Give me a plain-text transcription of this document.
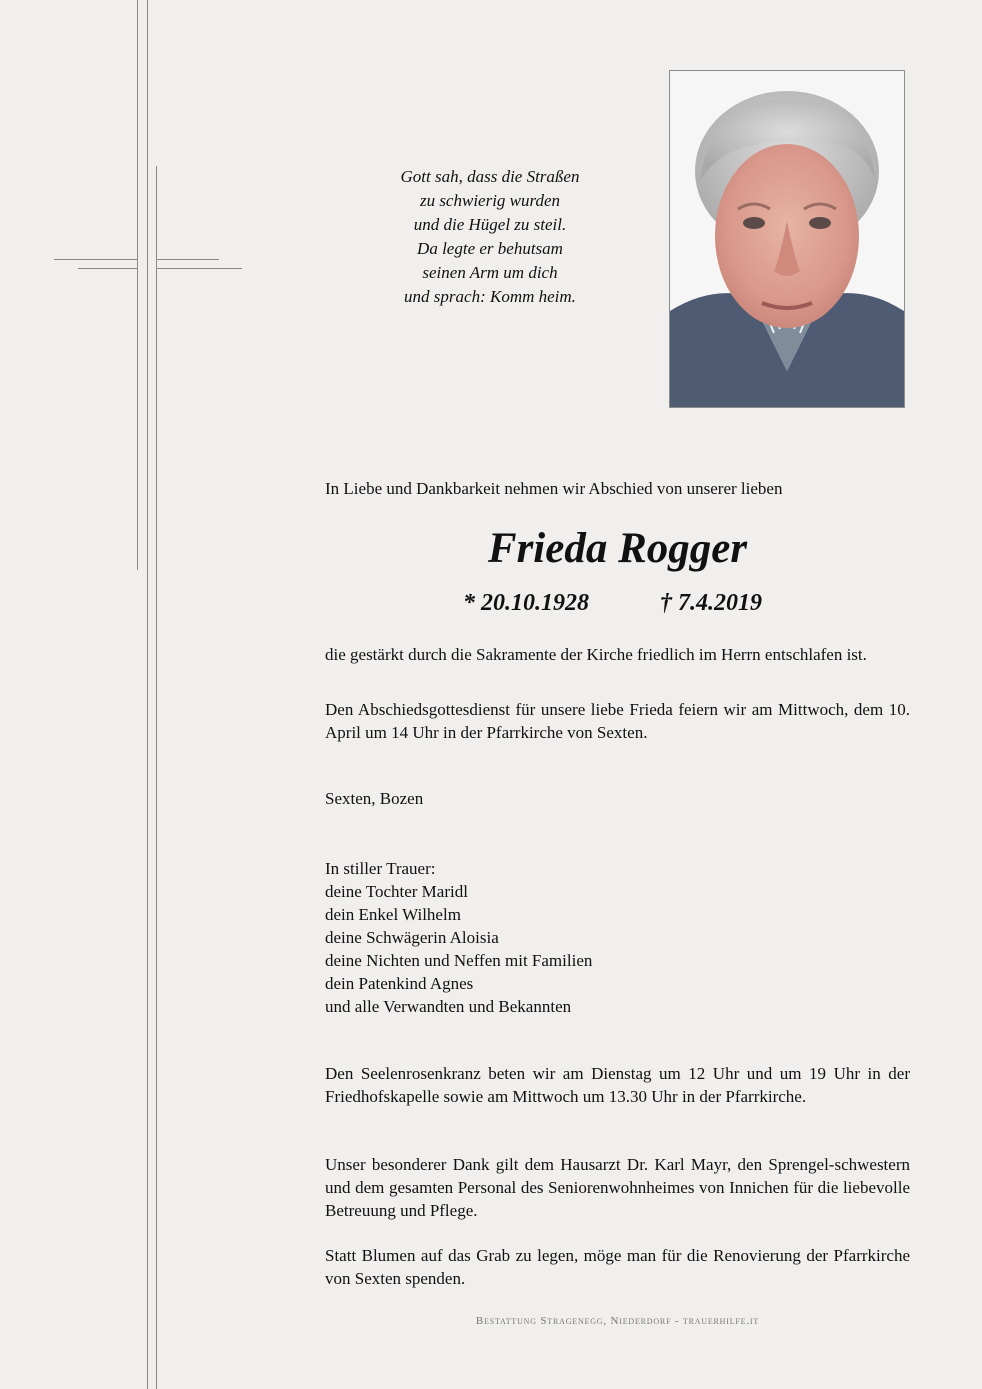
Gott sah, dass die Straßen
zu schwierig wurden
und die Hügel zu steil.
Da legte er behutsam
seinen Arm um dich
und sprach: Komm heim.
In Liebe und Dankbarkeit nehmen wir Abschied von unserer lieben
Frieda Rogger
* 20.10.1928	† 7.4.2019
die gestärkt durch die Sakramente der Kirche friedlich im Herrn entschlafen ist.
Den Abschiedsgottesdienst für unsere liebe Frieda feiern wir am Mittwoch, dem 10. April um 14 Uhr in der Pfarrkirche von Sexten.
Sexten, Bozen
In stiller Trauer:
deine Tochter Maridl
dein Enkel Wilhelm
deine Schwägerin Aloisia
deine Nichten und Neffen mit Familien
dein Patenkind Agnes
und alle Verwandten und Bekannten
Den Seelenrosenkranz beten wir am Dienstag um 12 Uhr und um 19 Uhr in der Friedhofskapelle sowie am Mittwoch um 13.30 Uhr in der Pfarrkirche.
Unser besonderer Dank gilt dem Hausarzt Dr. Karl Mayr, den Sprengel-schwestern und dem gesamten Personal des Seniorenwohnheimes von Innichen für die liebevolle Betreuung und Pflege.
Statt Blumen auf das Grab zu legen, möge man für die Renovierung der Pfarrkirche von Sexten spenden.
Bestattung Stragenegg, Niederdorf - trauerhilfe.it
